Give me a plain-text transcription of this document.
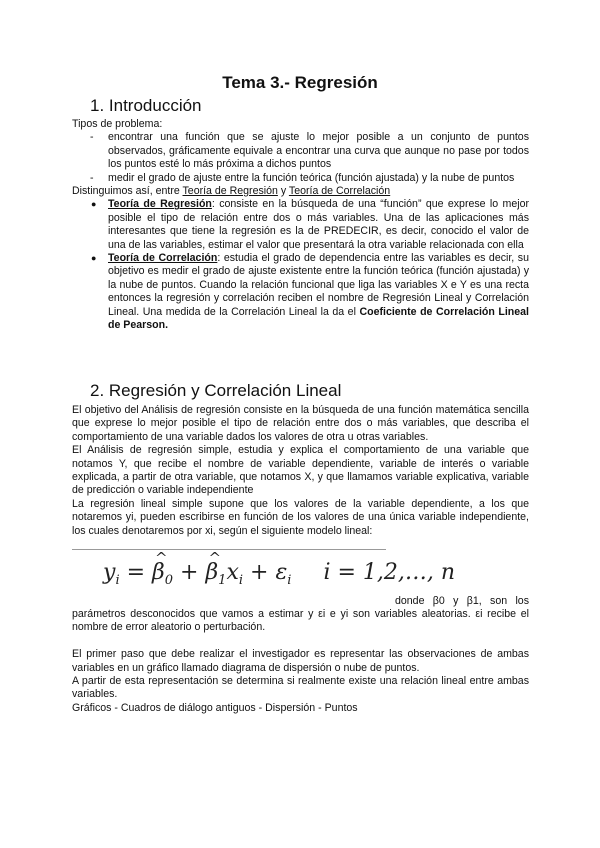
Tema 3.- Regresión
1. Introducción

Tipos de problema:

- encontrar una función que se ajuste lo mejor posible a un conjunto de puntos observados, gráficamente equivale a encontrar una curva que aunque no pase por todos los puntos esté lo más próxima a dichos puntos
- medir el grado de ajuste entre la función teórica (función ajustada) y la nube de puntos

Distinguimos así, entre Teoría de Regresión y Teoría de Correlación

● Teoría de Regresión: consiste en la búsqueda de una “función” que exprese lo mejor posible el tipo de relación entre dos o más variables. Una de las aplicaciones más interesantes que tiene la regresión es la de PREDECIR, es decir, conocido el valor de una de las variables, estimar el valor que presentará la otra variable relacionada con ella
● Teoría de Correlación: estudia el grado de dependencia entre las variables es decir, su objetivo es medir el grado de ajuste existente entre la función teórica (función ajustada) y la nube de puntos. Cuando la relación funcional que liga las variables X e Y es una recta entonces la regresión y correlación reciben el nombre de Regresión Lineal y Correlación Lineal. Una medida de la Correlación Lineal la da el Coeficiente de Correlación Lineal de Pearson.
2. Regresión y Correlación Lineal

El objetivo del Análisis de regresión consiste en la búsqueda de una función matemática sencilla que exprese lo mejor posible el tipo de relación entre dos o más variables, que describa el comportamiento de una variable dados los valores de otra u otras variables.

El Análisis de regresión simple, estudia y explica el comportamiento de una variable que notamos Y, que recibe el nombre de variable dependiente, variable de interés o variable explicada, a partir de otra variable, que notamos X, y que llamamos variable explicativa, variable de predicción o variable independiente

La regresión lineal simple supone que los valores de la variable dependiente, a los que notaremos yi, pueden escribirse en función de los valores de una única variable independiente, los cuales denotaremos por xi, según el siguiente modelo lineal:

$y_i$ = ^ $\beta_0$ + ^ $\beta_1x_i + \varepsilon_i$ i = 1,2,…, n
donde β0 y β1, son los

parámetros desconocidos que vamos a estimar y εi e yi son variables aleatorias. εi recibe el nombre de error aleatorio o perturbación.

El primer paso que debe realizar el investigador es representar las observaciones de ambas variables en un gráfico llamado diagrama de dispersión o nube de puntos.

A partir de esta representación se determina si realmente existe una relación lineal entre ambas variables.

Gráficos - Cuadros de diálogo antiguos - Dispersión - Puntos
